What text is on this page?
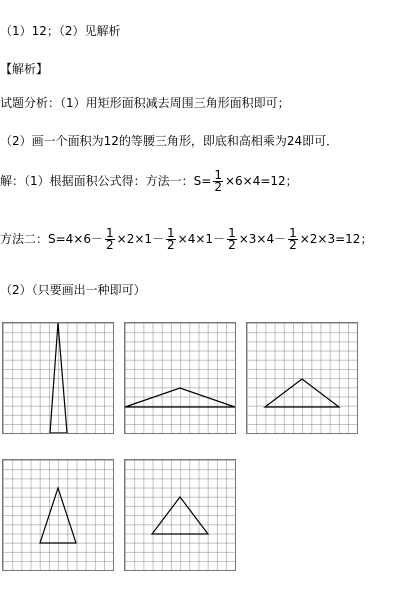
（1）12；（2）见解析
【解析】
试题分析：（1）用矩形面积减去周围三角形面积即可；
（2）画一个面积为12的等腰三角形，即底和高相乘为24即可．
解：（1）根据面积公式得：方法一：$S= \frac{1}{2} \times 6\times 4=12$；
方法二：$S=4\times 6- \frac{1}{2} \times 2\times 1- \frac{1}{2} \times 4\times 1- \frac{1}{2} \times 3\times 4- \frac{1}{2} \times 2\times 3=12$；
（2）（只要画出一种即可）
